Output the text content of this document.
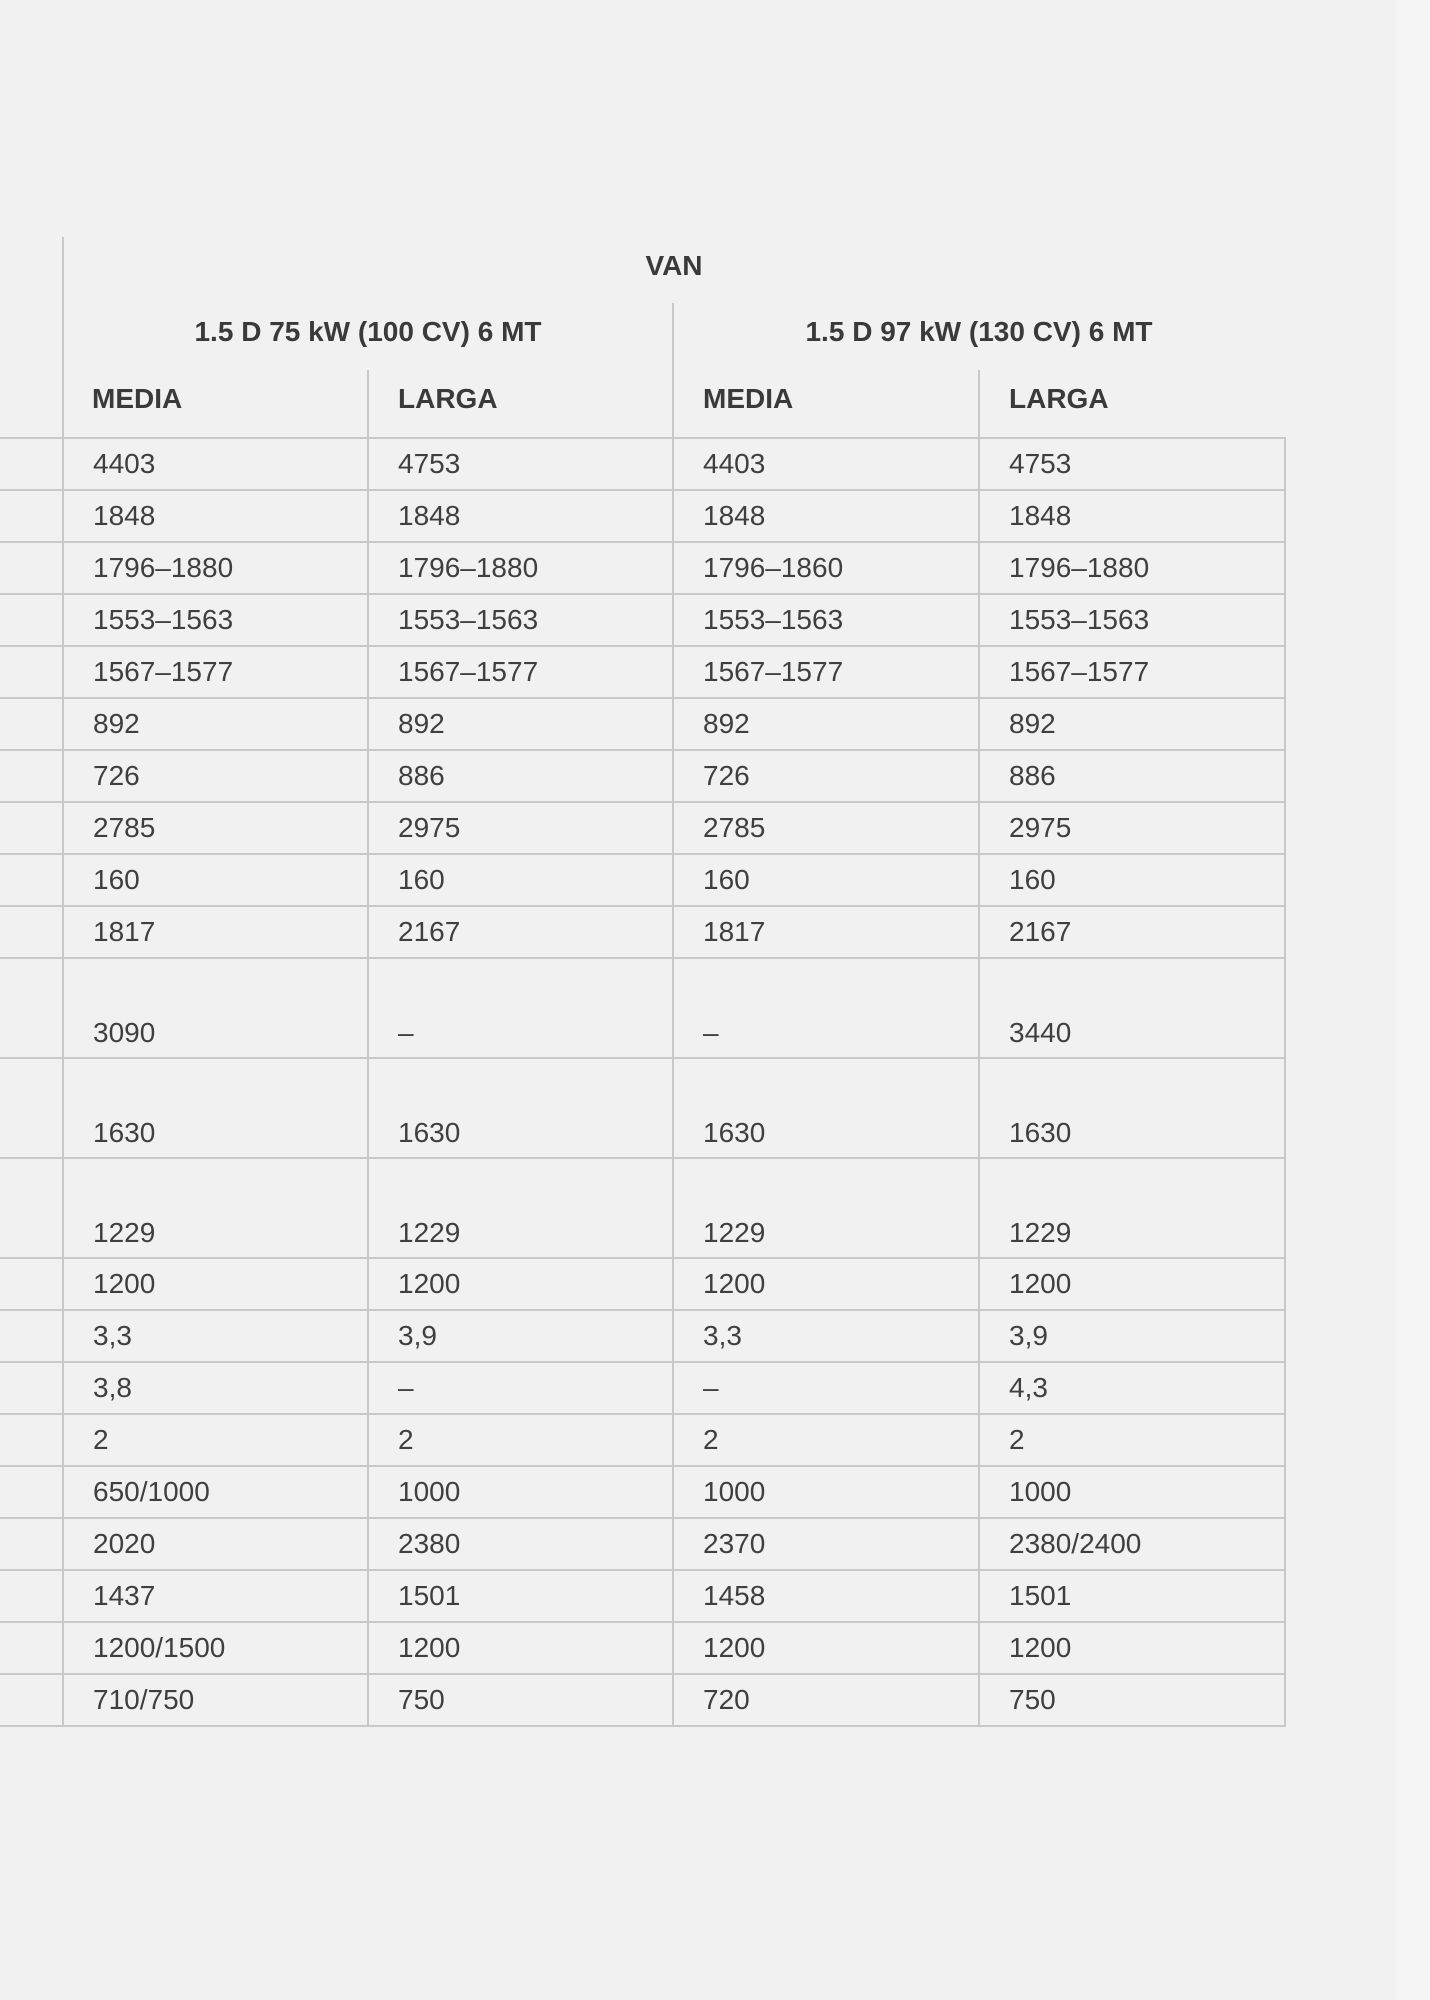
VAN
1.5 D 75 kW (100 CV) 6 MT	1.5 D 97 kW (130 CV) 6 MT
MEDIA	LARGA	MEDIA	LARGA
	4403	4753	4403	4753
	1848	1848	1848	1848
	1796–1880	1796–1880	1796–1860	1796–1880
	1553–1563	1553–1563	1553–1563	1553–1563
	1567–1577	1567–1577	1567–1577	1567–1577
	892	892	892	892
	726	886	726	886
	2785	2975	2785	2975
	160	160	160	160
	1817	2167	1817	2167
	3090	–	–	3440
	1630	1630	1630	1630
	1229	1229	1229	1229
	1200	1200	1200	1200
	3,3	3,9	3,3	3,9
	3,8	–	–	4,3
	2	2	2	2
	650/1000	1000	1000	1000
	2020	2380	2370	2380/2400
	1437	1501	1458	1501
	1200/1500	1200	1200	1200
	710/750	750	720	750
